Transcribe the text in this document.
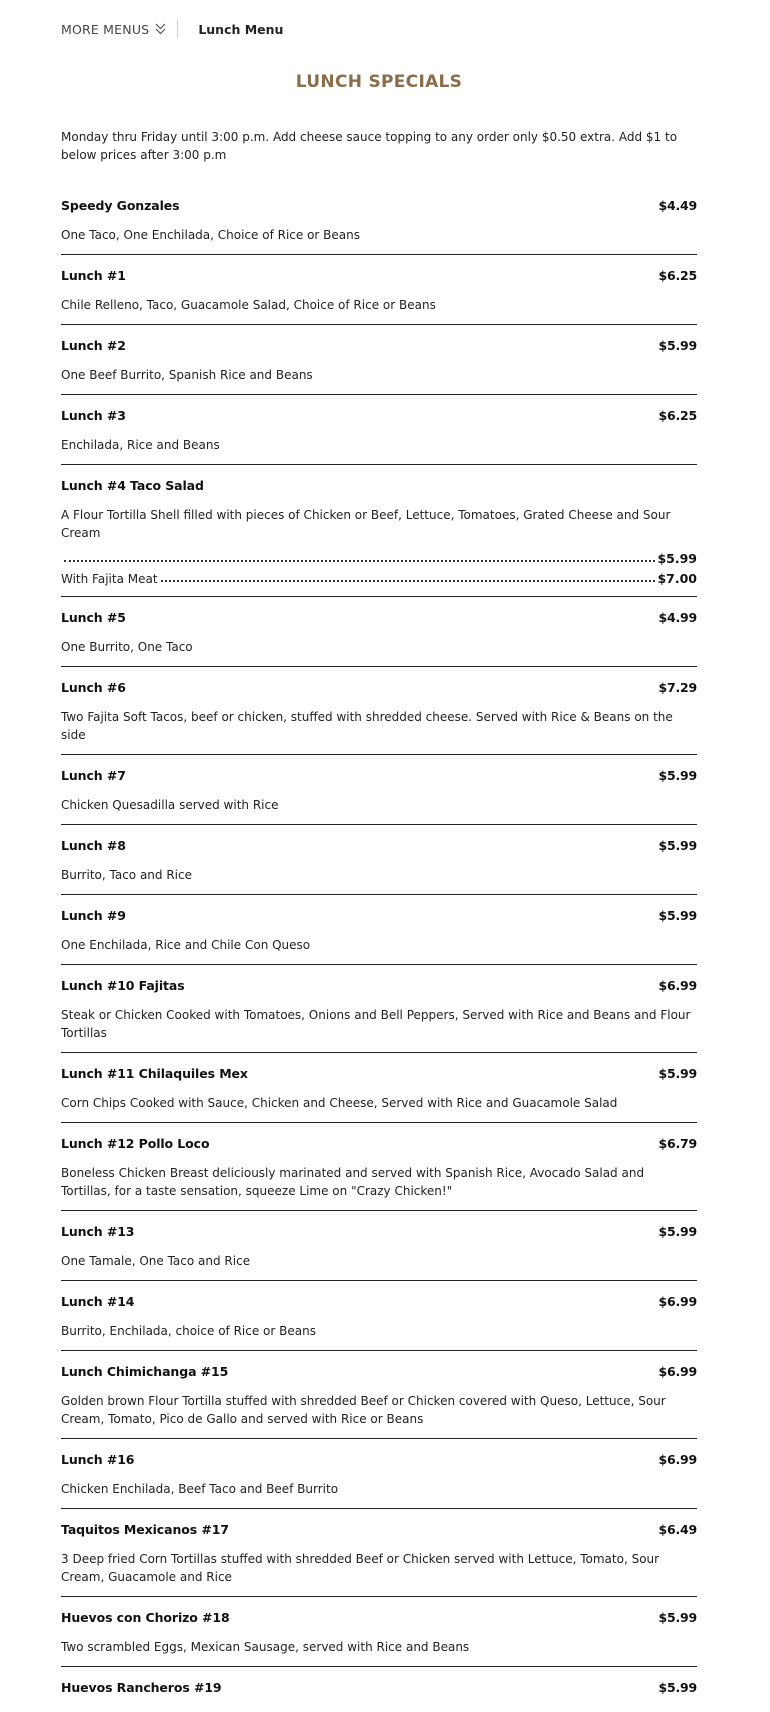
MORE MENUS	Lunch Menu
LUNCH SPECIALS

Monday thru Friday until 3:00 p.m. Add cheese sauce topping to any order only $0.50 extra. Add $1 to below prices after 3:00 p.m

Speedy Gonzales	$4.49

One Taco, One Enchilada, Choice of Rice or Beans

Lunch #1	$6.25

Chile Relleno, Taco, Guacamole Salad, Choice of Rice or Beans

Lunch #2	$5.99

One Beef Burrito, Spanish Rice and Beans

Lunch #3	$6.25

Enchilada, Rice and Beans

Lunch #4 Taco Salad

A Flour Tortilla Shell filled with pieces of Chicken or Beef, Lettuce, Tomatoes, Grated Cheese and Sour Cream

$5.99
With Fajita Meat	$7.00
Lunch #5	$4.99

One Burrito, One Taco

Lunch #6	$7.29

Two Fajita Soft Tacos, beef or chicken, stuffed with shredded cheese. Served with Rice & Beans on the side

Lunch #7	$5.99

Chicken Quesadilla served with Rice

Lunch #8	$5.99

Burrito, Taco and Rice

Lunch #9	$5.99

One Enchilada, Rice and Chile Con Queso

Lunch #10 Fajitas	$6.99

Steak or Chicken Cooked with Tomatoes, Onions and Bell Peppers, Served with Rice and Beans and Flour Tortillas

Lunch #11 Chilaquiles Mex	$5.99

Corn Chips Cooked with Sauce, Chicken and Cheese, Served with Rice and Guacamole Salad

Lunch #12 Pollo Loco	$6.79

Boneless Chicken Breast deliciously marinated and served with Spanish Rice, Avocado Salad and Tortillas, for a taste sensation, squeeze Lime on "Crazy Chicken!"

Lunch #13	$5.99

One Tamale, One Taco and Rice

Lunch #14	$6.99

Burrito, Enchilada, choice of Rice or Beans

Lunch Chimichanga #15	$6.99

Golden brown Flour Tortilla stuffed with shredded Beef or Chicken covered with Queso, Lettuce, Sour Cream, Tomato, Pico de Gallo and served with Rice or Beans

Lunch #16	$6.99

Chicken Enchilada, Beef Taco and Beef Burrito

Taquitos Mexicanos #17	$6.49

3 Deep fried Corn Tortillas stuffed with shredded Beef or Chicken served with Lettuce, Tomato, Sour Cream, Guacamole and Rice

Huevos con Chorizo #18	$5.99

Two scrambled Eggs, Mexican Sausage, served with Rice and Beans

Huevos Rancheros #19	$5.99
